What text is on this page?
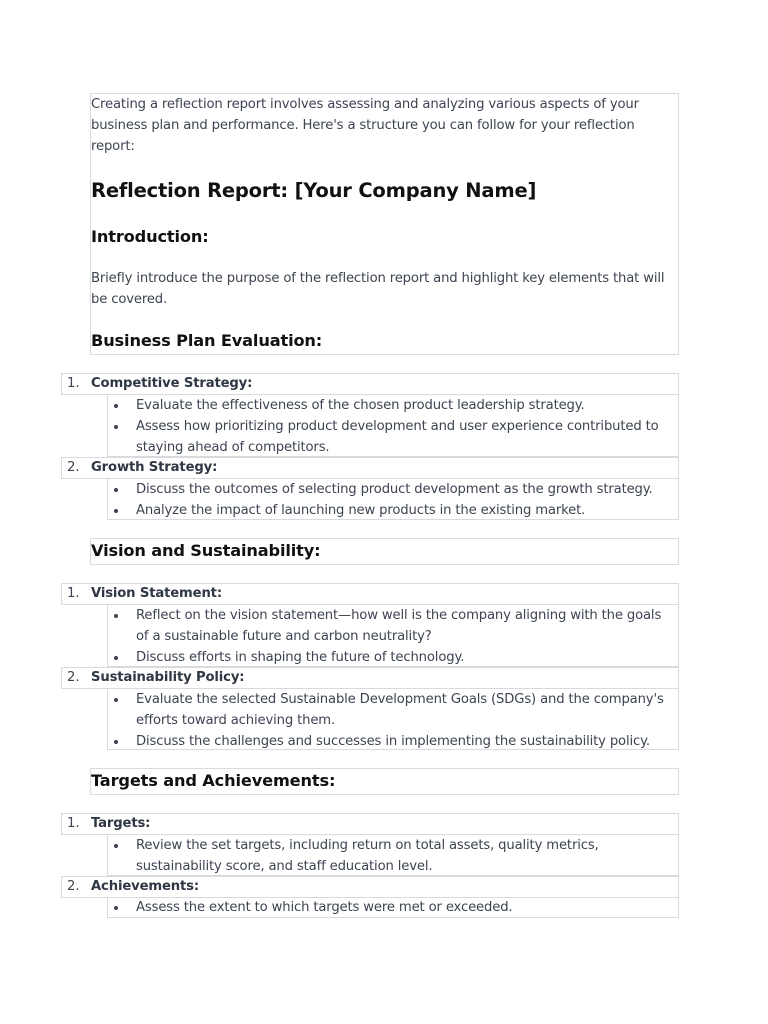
Creating a reflection report involves assessing and analyzing various aspects of your business plan and performance. Here's a structure you can follow for your reflection report:

Reflection Report: [Your Company Name]
Introduction:

Briefly introduce the purpose of the reflection report and highlight key elements that will be covered.

Business Plan Evaluation:
1. Competitive Strategy:
Evaluate the effectiveness of the chosen product leadership strategy.
Assess how prioritizing product development and user experience contributed to staying ahead of competitors.
2. Growth Strategy:
Discuss the outcomes of selecting product development as the growth strategy.
Analyze the impact of launching new products in the existing market.
Vision and Sustainability:
1. Vision Statement:
Reflect on the vision statement—how well is the company aligning with the goals of a sustainable future and carbon neutrality?
Discuss efforts in shaping the future of technology.
2. Sustainability Policy:
Evaluate the selected Sustainable Development Goals (SDGs) and the company's efforts toward achieving them.
Discuss the challenges and successes in implementing the sustainability policy.
Targets and Achievements:
1. Targets:
Review the set targets, including return on total assets, quality metrics, sustainability score, and staff education level.
2. Achievements:
Assess the extent to which targets were met or exceeded.
